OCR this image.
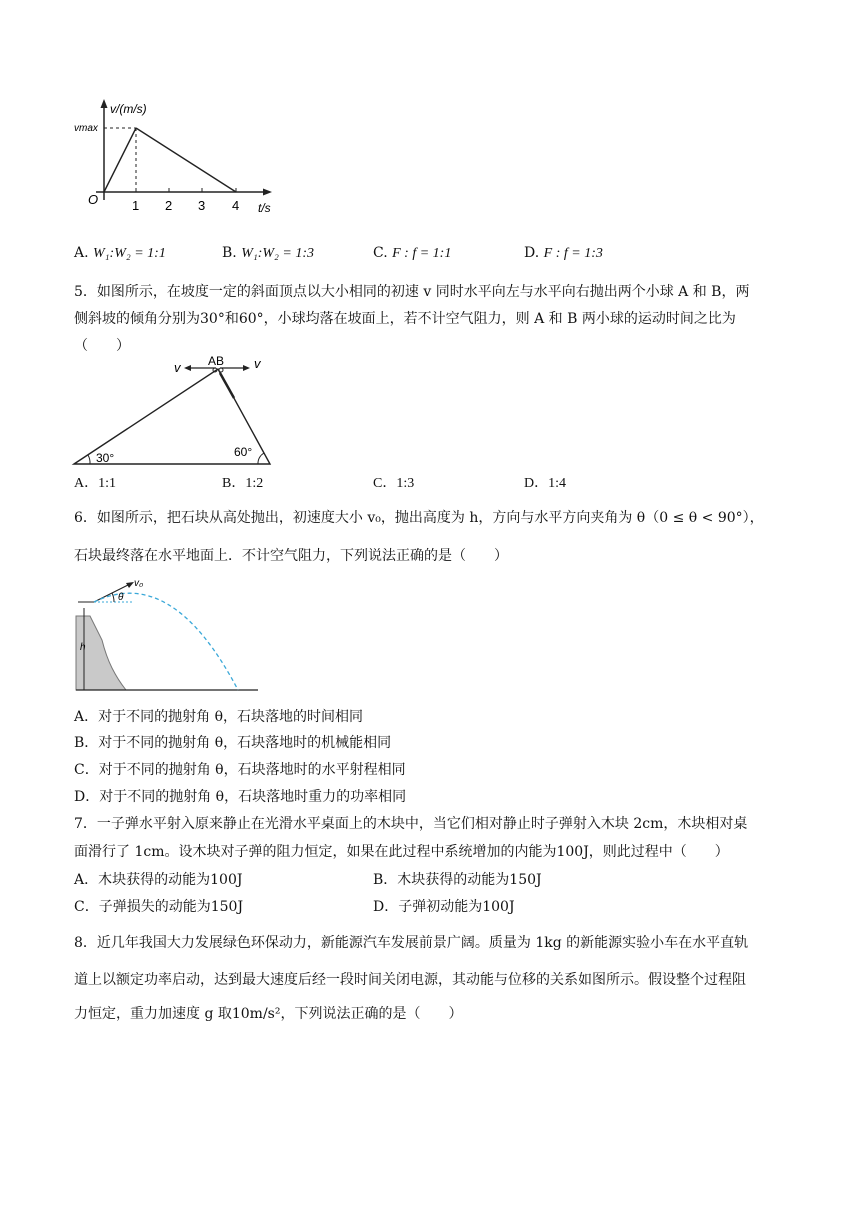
v/(m/s)
vmax
O	1 2 3 4 t/s
A. W₁:W₂ = 1:1	B. W₁:W₂ = 1:3	C. F : f = 1:1	D. F : f = 1:3
5．如图所示，在坡度一定的斜面顶点以大小相同的初速 v 同时水平向左与水平向右抛出两个小球 A 和 B，两
侧斜坡的倾角分别为30°和60°，小球均落在坡面上，若不计空气阻力，则 A 和 B 两小球的运动时间之比为
（　　）
AB
v	v
30°	60°
A．1:1	B．1:2	C．1:3	D．1:4
6．如图所示，把石块从高处抛出，初速度大小 v₀，抛出高度为 h，方向与水平方向夹角为 θ（0 ≤ θ < 90°），
石块最终落在水平地面上．不计空气阻力，下列说法正确的是（　　）
v₀
θ
h
A．对于不同的抛射角 θ，石块落地的时间相同
B．对于不同的抛射角 θ，石块落地时的机械能相同
C．对于不同的抛射角 θ，石块落地时的水平射程相同
D．对于不同的抛射角 θ，石块落地时重力的功率相同
7．一子弹水平射入原来静止在光滑水平桌面上的木块中，当它们相对静止时子弹射入木块 2cm，木块相对桌
面滑行了 1cm。设木块对子弹的阻力恒定，如果在此过程中系统增加的内能为100J，则此过程中（　　）
A．木块获得的动能为100J	B．木块获得的动能为150J
C．子弹损失的动能为150J	D．子弹初动能为100J
8．近几年我国大力发展绿色环保动力，新能源汽车发展前景广阔。质量为 1kg 的新能源实验小车在水平直轨
道上以额定功率启动，达到最大速度后经一段时间关闭电源，其动能与位移的关系如图所示。假设整个过程阻
力恒定，重力加速度 g 取10m/s²，下列说法正确的是（　　）
